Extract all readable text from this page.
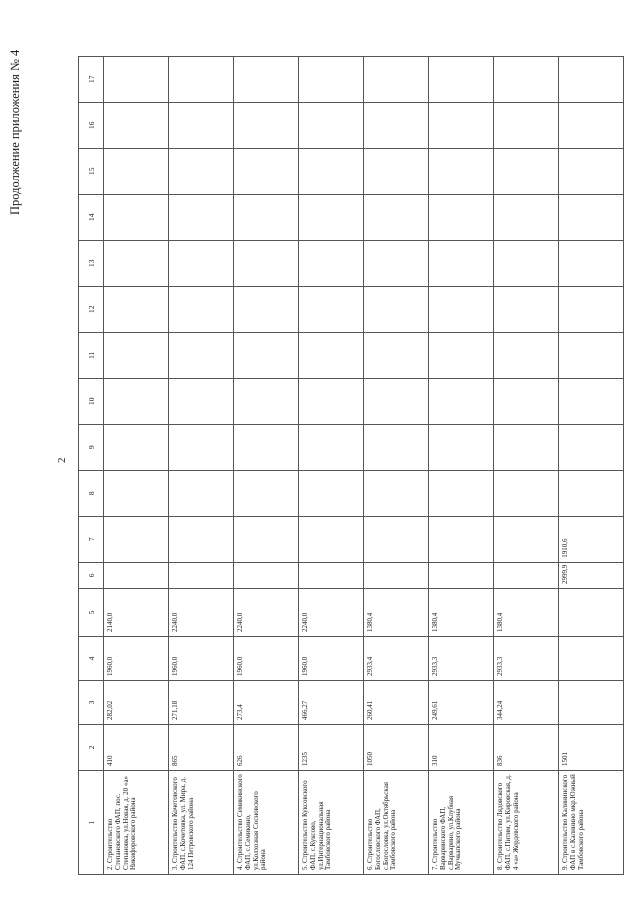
Продолжение приложения № 4
2
1	2	3	4	5	6	7	8	9	10	11	12	13	14	15	16	17
2. Строительство Степановского ФАП, пос. Степановка, ул.Новая, д. 20 «а» Никифоровского района	410	282,02	1960,0	2140,0												
3. Строительство Кочетовского ФАП, с.Кочетовка, ул. Мира, д. 124 Петровского района	865	271,18	1960,0	2240,0												
4. Строительство Семикинского ФАП, с.Семикино, ул.Колхозная Сосновского района	626	273,4	1960,0	2240,0												
5. Строительство Куксовского ФАП, с.Куксово, ул.Интернациональная Тамбовского района	1235	466,27	1960,0	2240,0												
6. Строительство Богословского ФАП, с.Богословка, ул.Октябрьская Тамбовского района	1050	260,41	2933,4	1380,4												
7. Строительство Варваринского ФАП, с.Варварино, ул.Клубная Мучкапского района	310	249,61	2933,3	1380,4												
8. Строительство Лядовского ФАП, с.Питим, ул.Кировская, д. 4 «а» Жердевского района	836	344,24	2933,3	1380,4												
9. Строительство Калининского ФАП в с.Калинино мкр.Южный Тамбовского района	1501				2999,9	1910,6										
